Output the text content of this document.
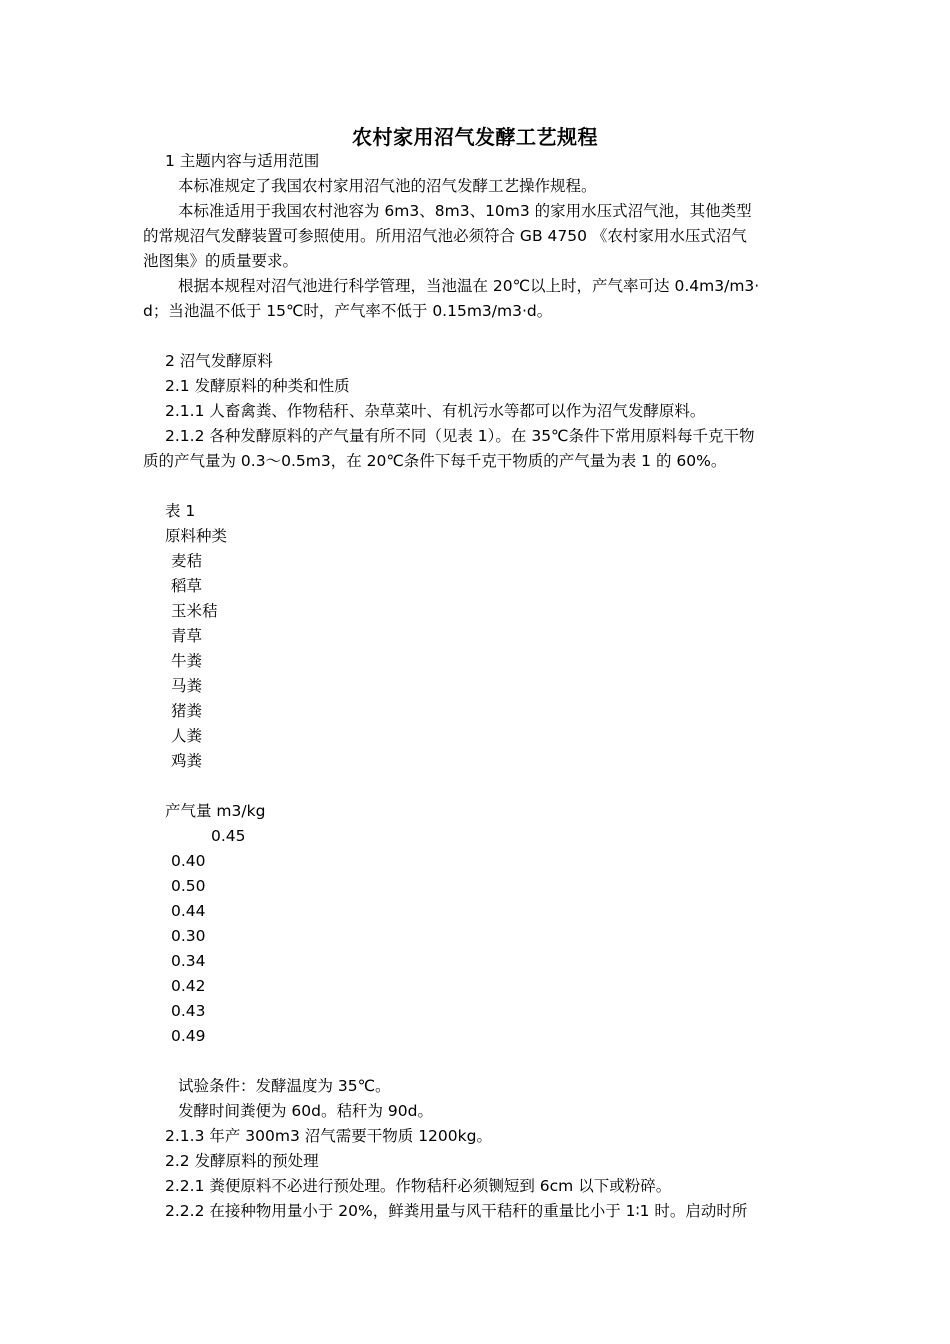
农村家用沼气发酵工艺规程

1 主题内容与适用范围

本标准规定了我国农村家用沼气池的沼气发酵工艺操作规程。

本标准适用于我国农村池容为 6m3、8m3、10m3 的家用水压式沼气池，其他类型

的常规沼气发酵装置可参照使用。所用沼气池必须符合 GB 4750 《农村家用水压式沼气

池图集》的质量要求。

根据本规程对沼气池进行科学管理，当池温在 20℃以上时，产气率可达 0.4m3/m3·

d；当池温不低于 15℃时，产气率不低于 0.15m3/m3·d。

2 沼气发酵原料

2.1 发酵原料的种类和性质

2.1.1 人畜禽粪、作物秸秆、杂草菜叶、有机污水等都可以作为沼气发酵原料。

2.1.2 各种发酵原料的产气量有所不同（见表 1）。在 35℃条件下常用原料每千克干物

质的产气量为 0.3～0.5m3，在 20℃条件下每千克干物质的产气量为表 1 的 60%。

表 1

原料种类

麦秸

稻草

玉米秸

青草

牛粪

马粪

猪粪

人粪

鸡粪

产气量 m3/kg

0.45

0.40

0.50

0.44

0.30

0.34

0.42

0.43

0.49

试验条件：发酵温度为 35℃。

发酵时间粪便为 60d。秸秆为 90d。

2.1.3 年产 300m3 沼气需要干物质 1200kg。

2.2 发酵原料的预处理

2.2.1 粪便原料不必进行预处理。作物秸秆必须铡短到 6cm 以下或粉碎。

2.2.2 在接种物用量小于 20%，鲜粪用量与风干秸秆的重量比小于 1∶1 时。启动时所
